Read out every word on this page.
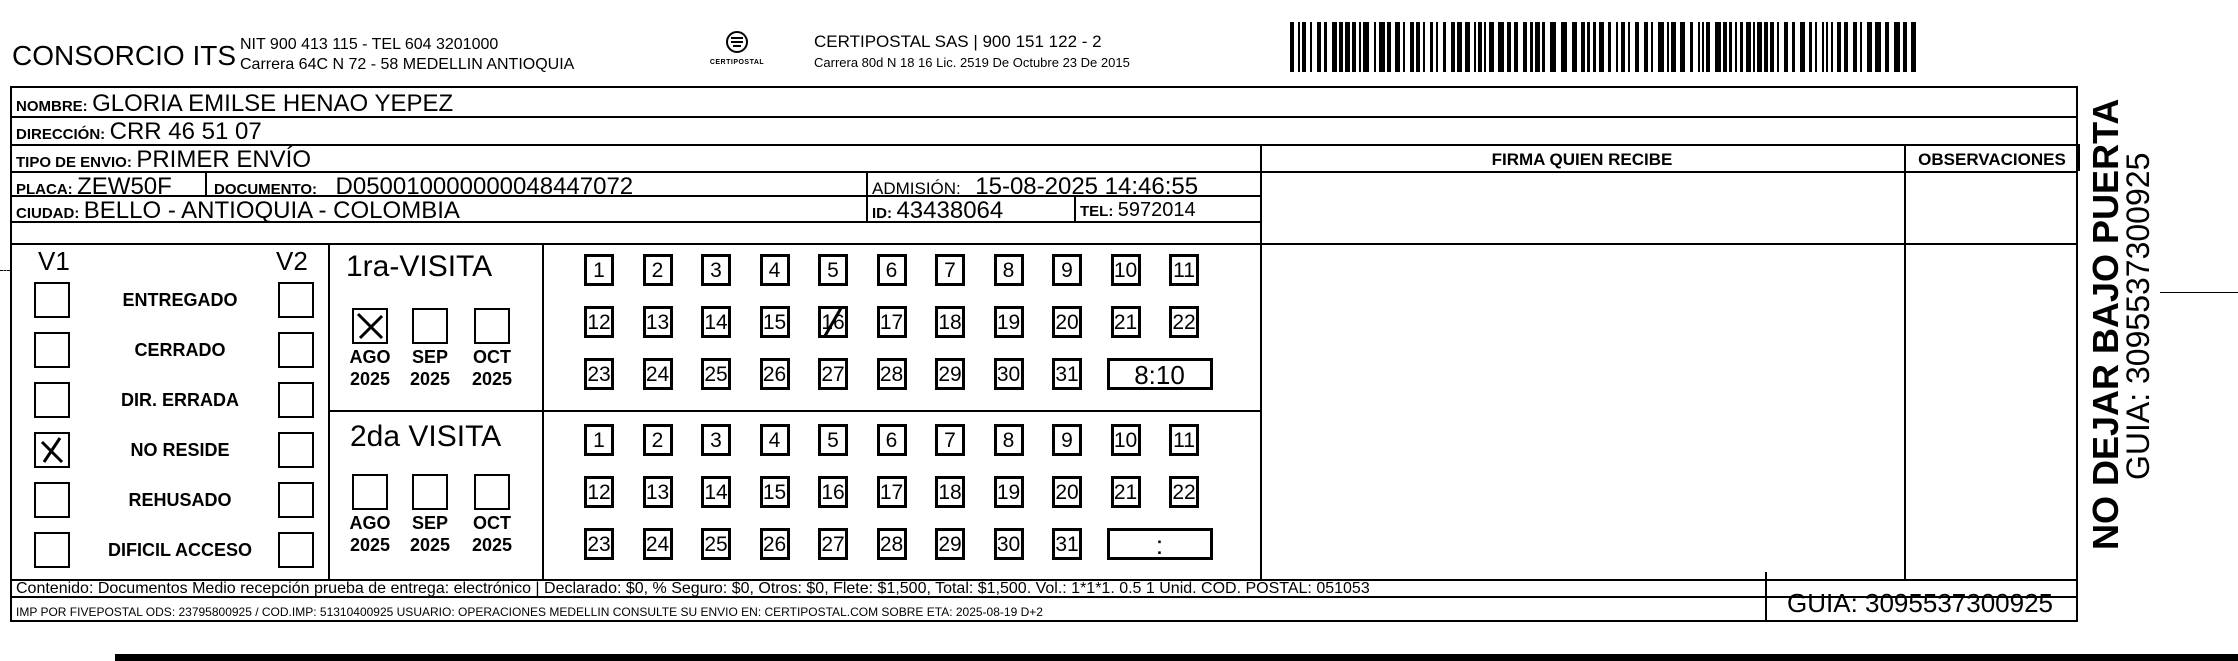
CONSORCIO ITS NIT 900 413 115 - TEL 604 3201000
Carrera 64C N 72 - 58 MEDELLIN ANTIOQUIA	CERTIPOSTAL
CERTIPOSTAL SAS | 900 151 122 - 2
Carrera 80d N 18 16 Lic. 2519 De Octubre 23 De 2015
NOMBRE: GLORIA EMILSE HENAO YEPEZ
DIRECCIÓN: CRR 46 51 07
TIPO DE ENVIO: PRIMER ENVÍO	FIRMA QUIEN RECIBE	OBSERVACIONES
PLACA: ZEW50F	DOCUMENTO: D050010000000048447072	ADMISIÓN: 15-08-2025 14:46:55
CIUDAD: BELLO - ANTIOQUIA - COLOMBIA	ID: 43438064	TEL: 5972014
V1	V2
ENTREGADO
CERRADO
DIR. ERRADA
NO RESIDE
REHUSADO
DIFICIL ACCESO
1ra-VISITA
AGO
2025
SEP
2025
OCT
2025
1	2	3	4	5	6	7	8	9	10 11
12 13 14 15 16 17 18 19 20 21 22
23 24 25 26 27 28 29 30 31	8:10
2da VISITA
AGO
2025
SEP
2025
OCT
2025
1	2	3	4	5	6	7	8	9	10 11
12 13 14 15 16 17 18 19 20 21 22
23 24 25 26 27 28 29 30 31	:
Contenido: Documentos Medio recepción prueba de entrega: electrónico | Declarado: $0, % Seguro: $0, Otros: $0, Flete: $1,500, Total: $1,500. Vol.: 1*1*1. 0.5 1 Unid. COD. POSTAL: 051053
IMP POR FIVEPOSTAL ODS: 23795800925 / COD.IMP: 51310400925 USUARIO: OPERACIONES MEDELLIN CONSULTE SU ENVIO EN: CERTIPOSTAL.COM SOBRE ETA: 2025-08-19 D+2	GUIA: 3095537300925
NO DEJAR BAJO PUERTA
GUIA: 3095537300925
